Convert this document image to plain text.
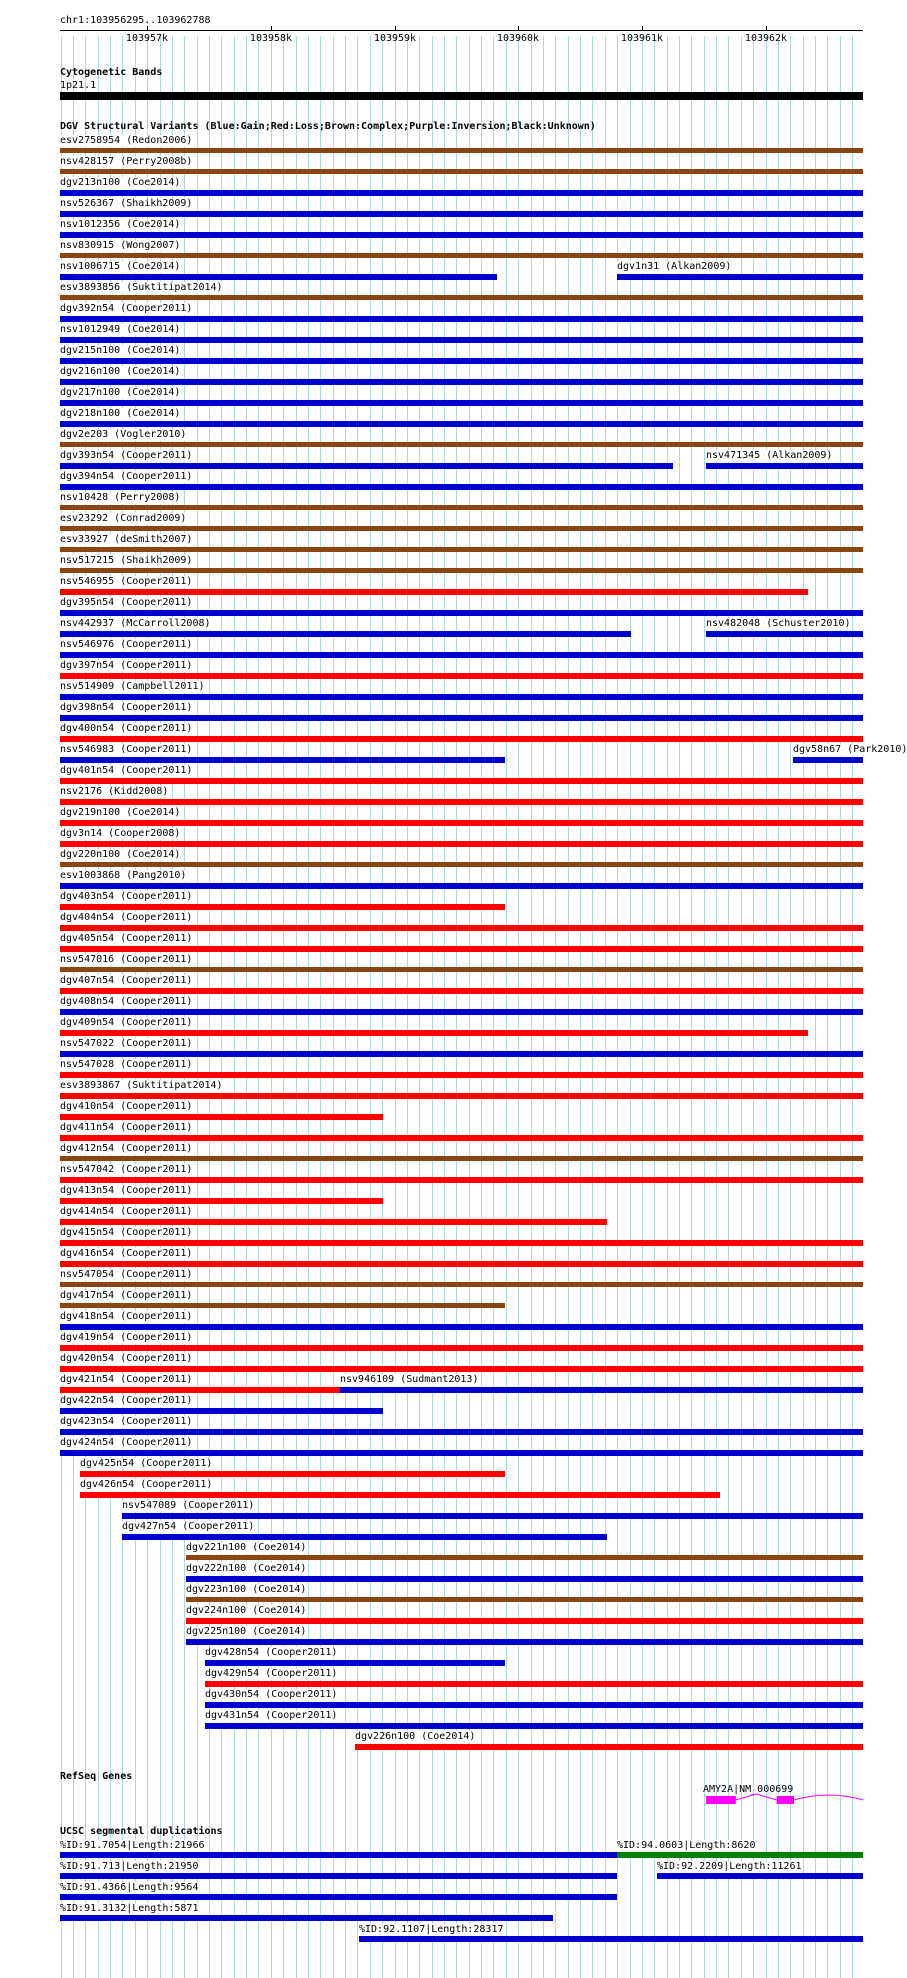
chr1:103956295..103962788
103957k	103958k	103959k	103960k	103961k	103962k
Cytogenetic Bands
1p21.1
DGV Structural Variants (Blue:Gain;Red:Loss;Brown:Complex;Purple:Inversion;Black:Unknown)
esv2758954 (Redon2006)
nsv428157 (Perry2008b)
dgv213n100 (Coe2014)
nsv526367 (Shaikh2009)
nsv1012356 (Coe2014)
nsv830915 (Wong2007)
nsv1006715 (Coe2014)	dgv1n31 (Alkan2009)
esv3893856 (Suktitipat2014)
dgv392n54 (Cooper2011)
nsv1012949 (Coe2014)
dgv215n100 (Coe2014)
dgv216n100 (Coe2014)
dgv217n100 (Coe2014)
dgv218n100 (Coe2014)
dgv2e203 (Vogler2010)
dgv393n54 (Cooper2011)	nsv471345 (Alkan2009)
dgv394n54 (Cooper2011)
nsv10428 (Perry2008)
esv23292 (Conrad2009)
esv33927 (deSmith2007)
nsv517215 (Shaikh2009)
nsv546955 (Cooper2011)
dgv395n54 (Cooper2011)
nsv442937 (McCarroll2008)	nsv482048 (Schuster2010)
nsv546976 (Cooper2011)
dgv397n54 (Cooper2011)
nsv514909 (Campbell2011)
dgv398n54 (Cooper2011)
dgv400n54 (Cooper2011)
nsv546983 (Cooper2011)	dgv58n67 (Park2010)
dgv401n54 (Cooper2011)
nsv2176 (Kidd2008)
dgv219n100 (Coe2014)
dgv3n14 (Cooper2008)
dgv220n100 (Coe2014)
esv1003868 (Pang2010)
dgv403n54 (Cooper2011)
dgv404n54 (Cooper2011)
dgv405n54 (Cooper2011)
nsv547016 (Cooper2011)
dgv407n54 (Cooper2011)
dgv408n54 (Cooper2011)
dgv409n54 (Cooper2011)
nsv547022 (Cooper2011)
nsv547028 (Cooper2011)
esv3893867 (Suktitipat2014)
dgv410n54 (Cooper2011)
dgv411n54 (Cooper2011)
dgv412n54 (Cooper2011)
nsv547042 (Cooper2011)
dgv413n54 (Cooper2011)
dgv414n54 (Cooper2011)
dgv415n54 (Cooper2011)
dgv416n54 (Cooper2011)
nsv547054 (Cooper2011)
dgv417n54 (Cooper2011)
dgv418n54 (Cooper2011)
dgv419n54 (Cooper2011)
dgv420n54 (Cooper2011)
dgv421n54 (Cooper2011)	nsv946109 (Sudmant2013)
dgv422n54 (Cooper2011)
dgv423n54 (Cooper2011)
dgv424n54 (Cooper2011)
dgv425n54 (Cooper2011)
dgv426n54 (Cooper2011)
nsv547089 (Cooper2011)
dgv427n54 (Cooper2011)
dgv221n100 (Coe2014)
dgv222n100 (Coe2014)
dgv223n100 (Coe2014)
dgv224n100 (Coe2014)
dgv225n100 (Coe2014)
dgv428n54 (Cooper2011)
dgv429n54 (Cooper2011)
dgv430n54 (Cooper2011)
dgv431n54 (Cooper2011)
dgv226n100 (Coe2014)
RefSeq Genes
AMY2A|NM_000699
UCSC segmental duplications
%ID:91.7054|Length:21966	%ID:94.0603|Length:8620
%ID:91.713|Length:21950	%ID:92.2209|Length:11261
%ID:91.4366|Length:9564
%ID:91.3132|Length:5871
%ID:92.1107|Length:28317
